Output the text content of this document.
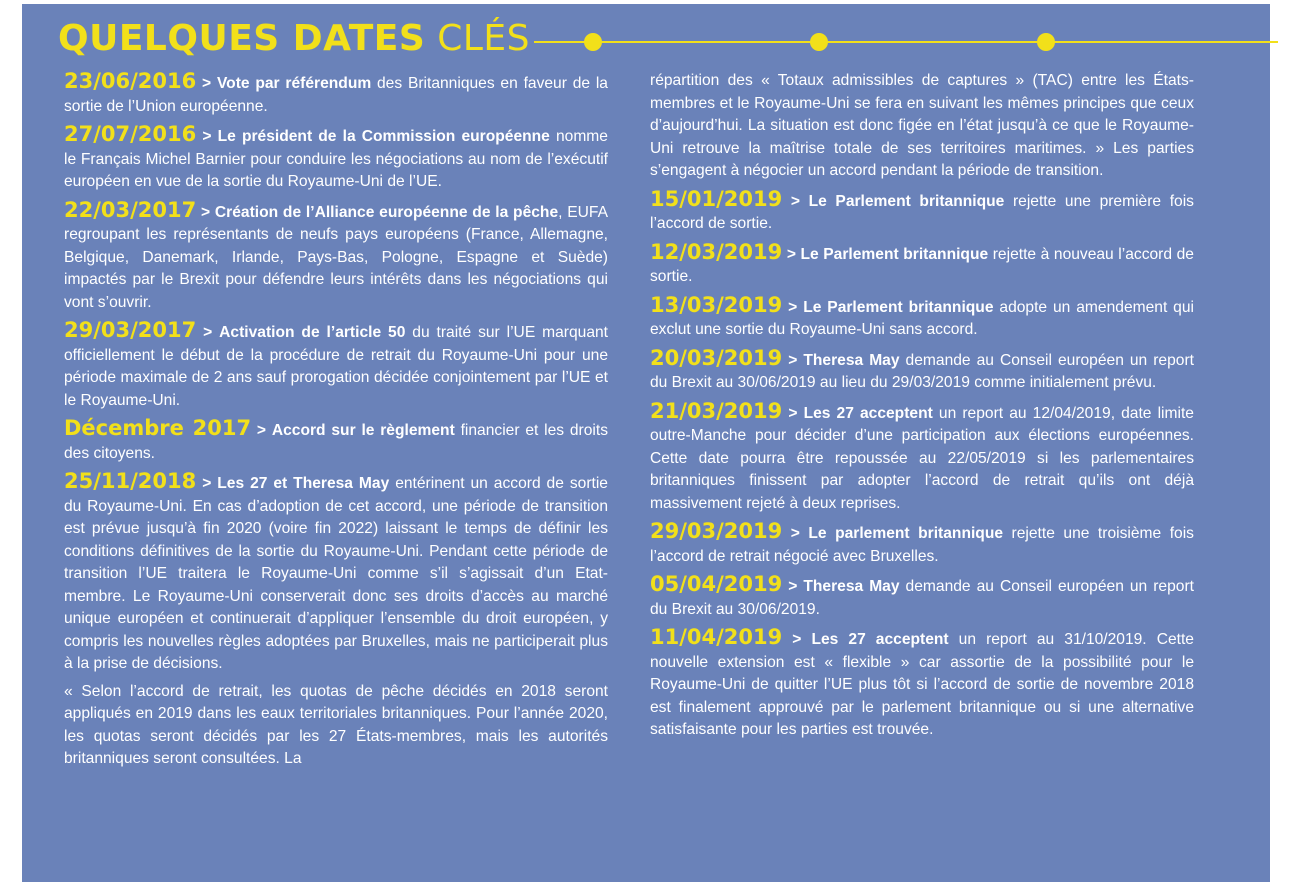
QUELQUES DATES CLÉS
23/06/2016 > Vote par référendum des Britanniques en faveur de la sortie de l’Union européenne.
27/07/2016 > Le président de la Commission européenne nomme le Français Michel Barnier pour conduire les négociations au nom de l’exécutif européen en vue de la sortie du Royaume-Uni de l’UE.
22/03/2017 > Création de l’Alliance européenne de la pêche, EUFA regroupant les représentants de neufs pays européens (France, Allemagne, Belgique, Danemark, Irlande, Pays-Bas, Pologne, Espagne et Suède) impactés par le Brexit pour défendre leurs intérêts dans les négociations qui vont s’ouvrir.
29/03/2017 > Activation de l’article 50 du traité sur l’UE marquant officiellement le début de la procédure de retrait du Royaume-Uni pour une période maximale de 2 ans sauf prorogation décidée conjointement par l’UE et le Royaume-Uni.
Décembre 2017 > Accord sur le règlement financier et les droits des citoyens.
25/11/2018 > Les 27 et Theresa May entérinent un accord de sortie du Royaume-Uni. En cas d’adoption de cet accord, une période de transition est prévue jusqu’à fin 2020 (voire fin 2022) laissant le temps de définir les conditions définitives de la sortie du Royaume-Uni. Pendant cette période de transition l’UE traitera le Royaume-Uni comme s’il s’agissait d’un Etat-membre. Le Royaume-Uni conserverait donc ses droits d’accès au marché unique européen et continuerait d’appliquer l’ensemble du droit européen, y compris les nouvelles règles adoptées par Bruxelles, mais ne participerait plus à la prise de décisions.
« Selon l’accord de retrait, les quotas de pêche décidés en 2018 seront appliqués en 2019 dans les eaux territoriales britanniques. Pour l’année 2020, les quotas seront décidés par les 27 États-membres, mais les autorités britanniques seront consultées. La
répartition des « Totaux admissibles de captures » (TAC) entre les États-membres et le Royaume-Uni se fera en suivant les mêmes principes que ceux d’aujourd’hui. La situation est donc figée en l’état jusqu’à ce que le Royaume-Uni retrouve la maîtrise totale de ses territoires maritimes. » Les parties s’engagent à négocier un accord pendant la période de transition.
15/01/2019 > Le Parlement britannique rejette une première fois l’accord de sortie.
12/03/2019 > Le Parlement britannique rejette à nouveau l’accord de sortie.
13/03/2019 > Le Parlement britannique adopte un amendement qui exclut une sortie du Royaume-Uni sans accord.
20/03/2019 > Theresa May demande au Conseil européen un report du Brexit au 30/06/2019 au lieu du 29/03/2019 comme initialement prévu.
21/03/2019 > Les 27 acceptent un report au 12/04/2019, date limite outre-Manche pour décider d’une participation aux élections européennes. Cette date pourra être repoussée au 22/05/2019 si les parlementaires britanniques finissent par adopter l’accord de retrait qu’ils ont déjà massivement rejeté à deux reprises.
29/03/2019 > Le parlement britannique rejette une troisième fois l’accord de retrait négocié avec Bruxelles.
05/04/2019 > Theresa May demande au Conseil européen un report du Brexit au 30/06/2019.
11/04/2019 > Les 27 acceptent un report au 31/10/2019. Cette nouvelle extension est « flexible » car assortie de la possibilité pour le Royaume-Uni de quitter l’UE plus tôt si l’accord de sortie de novembre 2018 est finalement approuvé par le parlement britannique ou si une alternative satisfaisante pour les parties est trouvée.
